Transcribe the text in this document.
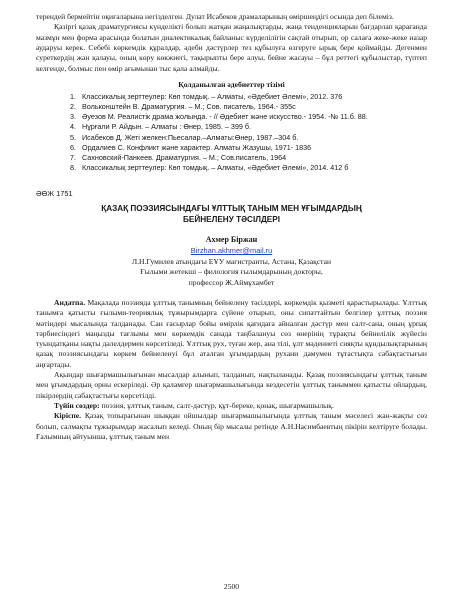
терендей бермейтін оқиғаларына негізделген. Дулат Исабеков драмаларының өміршеңдігі осында деп білеміз.

Қазіргі қазақ драматургиясы күнделікті болып жатқан жаңалықтарды, жаңа тенденцияларын бағдарлап қарағанда мазмұн мен форма арасында болатын диалектикалық байланыс күрделілігін сақтай отырып, ор салаға жеке-жеке назар аударуы керек. Себебі көркемдік құралдар, әдеби дәстүрлер тез құбылуға өзгеруге ырық бере қоймайды. Дегенмен суреткердің жан қалауы, оның көру көкжиегі, тақырыпты бере алуы, бейне жасауы – бұл реттегі құбылыстар, түптеп келгенде, болмыс пен өмір ағымынан тыс қала алмайды.

Қолданылған әдебиеттер тізімі
1. Классикалық зерттеулер: Көп томдық. – Алматы, «Әдебиет Әлемі», 2012. 376
2. Вольконштейн В. Драматургия. – М.; Сов. писатель, 1964.- 355с
3. Әуезов М. Реалистік драма жолында. - // Әдебиет және искусство.- 1954. -№ 11.б. 88.
4. Нұрғали Р. Айдын. – Алматы : Өнер, 1985. – 399 б.
5. Исабеков Д. Жеті желкен:Пьесалар.–Алматы:Өнер, 1987.–304 б.
6. Ордалиев С. Конфликт және характер. Алматы Жазушы, 1971- 1836
7. Сахновский-Панкеев. Драматургия. – М.; Сов.писатель, 1964
8. Классикалық зерттеулер: Көп томдық. – Алматы, «Әдебиет Әлемі», 2014. 412 б
ӘӨЖ 1751
ҚАЗАҚ ПОЭЗИЯСЫНДАҒЫ ҰЛТТЫҚ ТАНЫМ МЕН ҰҒЫМДАРДЫҢ
БЕЙНЕЛЕНУ ТӘСІЛДЕРІ
Ахмер Біржан
Birzhan.akhmer@mail.ru
Л.Н.Гумилев атындағы ЕҰУ магистранты, Астана, Қазақстан
Ғылыми жетекші – филология ғылымдарының докторы,
профессор Ж.Аймұхамбет

Андатпа. Мақалада поэзияда ұлттық танымның бейнелену тәсілдері, көркемдік қызметі қарастырылады. Ұлттық танымға қатысты ғылыми-теориялық тұжырымдарға сүйене отырып, оны сипаттайтын белгілер ұлттық поэзия мәтіндері мысалында талданады. Сан ғасырлар бойы өмірлік қағидаға айналған дәстүр мен салт-сана, оның ұрпақ тәрбиесіндегі маңызды тағлымы мен көркемдік санада таңбалануы сөз өнерінің тұрақты бейнелілік жүйесін туындатқаны нақты дәлелдермен көрсетіледі. Ұлттық рух, туған жер, ана тілі, ұлт мәдениеті сияқты құндылықтарының қазақ поэзиясындағы көркем бейнеленуі бұл аталған ұғымдардың рухани дамумен тұтастықта сабақтастығын аңғартады.

Ақындар шығармашылығынан мысалдар алынып, талданып, нақтыланады. Қазақ поэзиясындағы ұлттық таным мен ұғымдардың орны ескеріледі. Әр қаламгер шығармашылығында кездесетін ұлттық таныммен қатысты ойлардың, пікірлердің сабақтастығы көрсетілді.

Түйін сөздер: поэзия, ұлттық таным, салт-дәстүр, құт-береке, қонақ, шығармашылық.

Кіріспе. Қазақ топырағынан шыққан ойшылдар шығармашылығында ұлттық таным мәселесі жан-жақты сөз болып, салмақты тұжырымдар жасалып келеді. Оның бір мысалы ретінде А.Н.Насимбаевтың пікірін келтіруге болады. Ғалымның айтуынша, ұлттық таным мен

2500
